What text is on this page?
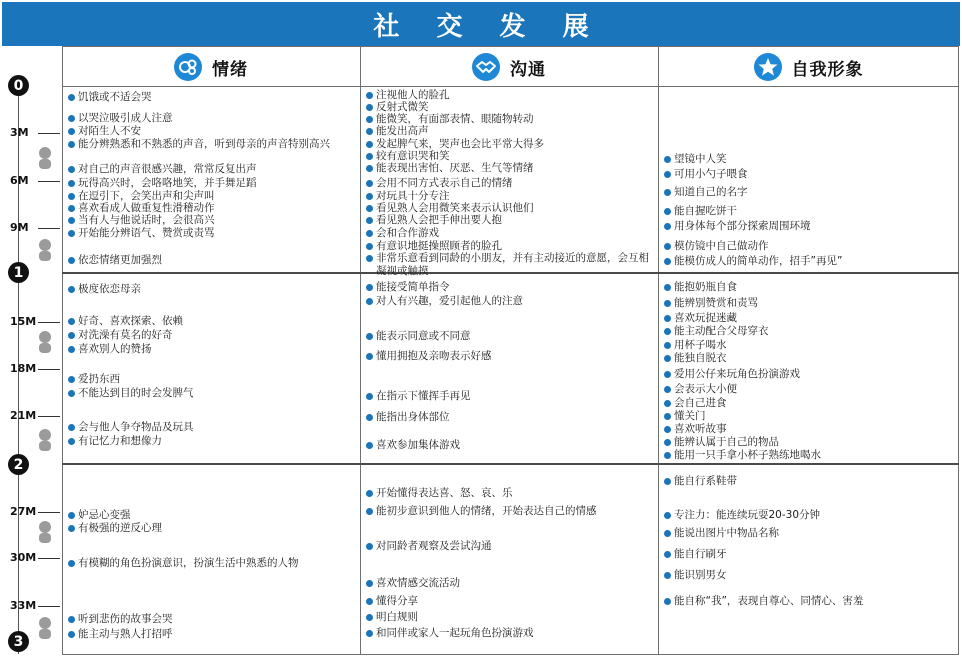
社 交 发 展
情绪	沟通	自我形象
0
1
2
3
3M
6M
9M
15M
18M
21M
27M
30M
33M
饥饿或不适会哭
以哭泣吸引成人注意
对陌生人不安
能分辨熟悉和不熟悉的声音，听到母亲的声音特别高兴
对自己的声音很感兴趣，常常反复出声
玩得高兴时，会咯咯地笑，并手舞足蹈
在逗引下，会笑出声和尖声叫
喜欢看成人做重复性滑稽动作
当有人与他说话时，会很高兴
开始能分辨语气、赞赏或责骂
依恋情绪更加强烈
极度依恋母亲
好奇、喜欢探索、依赖
对洗澡有莫名的好奇
喜欢别人的赞扬
爱扔东西
不能达到目的时会发脾气
会与他人争夺物品及玩具
有记忆力和想像力
妒忌心变强
有极强的逆反心理
有模糊的角色扮演意识，扮演生活中熟悉的人物
听到悲伤的故事会哭
能主动与熟人打招呼
注视他人的脸孔
反射式微笑
能微笑，有面部表情、眼随物转动
能发出高声
发起脾气来，哭声也会比平常大得多
较有意识哭和笑
能表现出害怕、厌恶、生气等情绪
会用不同方式表示自己的情绪
对玩具十分专注
看见熟人会用微笑来表示认识他们
看见熟人会把手伸出要人抱
会和合作游戏
有意识地挺操照顾者的脸孔
非常乐意看到同龄的小朋友，并有主动接近的意愿，会互相凝视或触摸
能接受简单指令
对人有兴趣，爱引起他人的注意
能表示同意或不同意
懂用拥抱及亲吻表示好感
在指示下懂挥手再见
能指出身体部位
喜欢参加集体游戏
开始懂得表达喜、怒、哀、乐
能初步意识到他人的情绪，开始表达自己的情感
对同龄者观察及尝试沟通
喜欢情感交流活动
懂得分享
明白规则
和同伴或家人一起玩角色扮演游戏
望镜中人笑
可用小勺子喂食
知道自己的名字
能自握吃饼干
用身体每个部分探索周围环境
模仿镜中自己做动作
能模仿成人的简单动作，招手”再见”
能抱奶瓶自食
能辨别赞赏和责骂
喜欢玩捉迷藏
能主动配合父母穿衣
用杯子喝水
能独自脱衣
爱用公仔来玩角色扮演游戏
会表示大小便
会自己进食
懂关门
喜欢听故事
能辨认属于自己的物品
能用一只手拿小杯子熟练地喝水
能自行系鞋带
专注力：能连续玩耍20-30分钟
能说出图片中物品名称
能自行刷牙
能识别男女
能自称“我”，表现自尊心、同情心、害羞
